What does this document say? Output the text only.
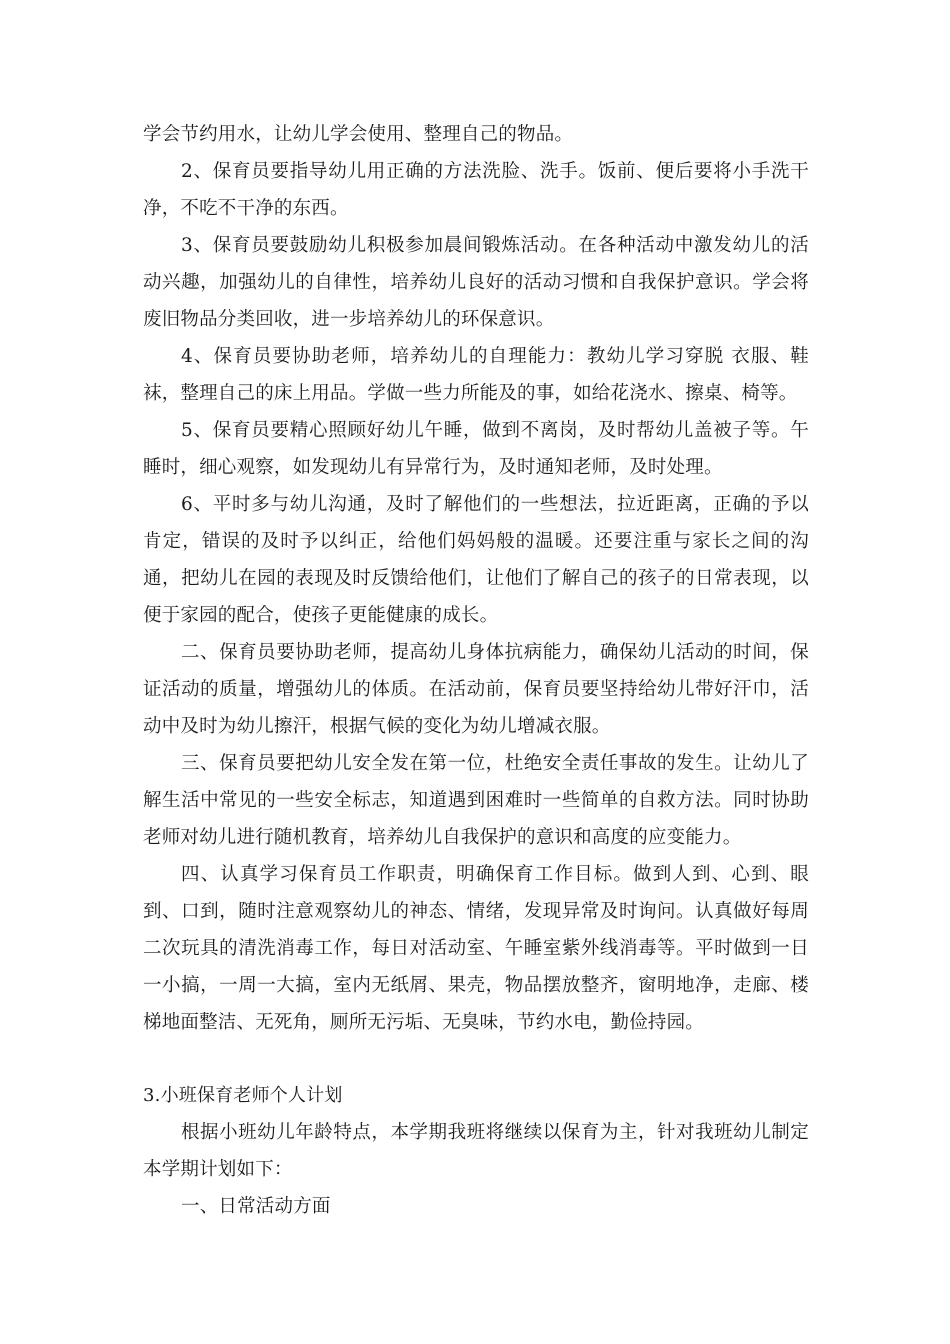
学会节约用水，让幼儿学会使用、整理自己的物品。

2、保育员要指导幼儿用正确的方法洗脸、洗手。饭前、便后要将小手洗干净，不吃不干净的东西。

3、保育员要鼓励幼儿积极参加晨间锻炼活动。在各种活动中激发幼儿的活动兴趣，加强幼儿的自律性，培养幼儿良好的活动习惯和自我保护意识。学会将废旧物品分类回收，进一步培养幼儿的环保意识。

4、保育员要协助老师，培养幼儿的自理能力：教幼儿学习穿脱 衣服、鞋袜，整理自己的床上用品。学做一些力所能及的事，如给花浇水、擦桌、椅等。

5、保育员要精心照顾好幼儿午睡，做到不离岗，及时帮幼儿盖被子等。午睡时，细心观察，如发现幼儿有异常行为，及时通知老师，及时处理。

6、平时多与幼儿沟通，及时了解他们的一些想法，拉近距离，正确的予以肯定，错误的及时予以纠正，给他们妈妈般的温暖。还要注重与家长之间的沟通，把幼儿在园的表现及时反馈给他们，让他们了解自己的孩子的日常表现，以便于家园的配合，使孩子更能健康的成长。

二、保育员要协助老师，提高幼儿身体抗病能力，确保幼儿活动的时间，保证活动的质量，增强幼儿的体质。在活动前，保育员要坚持给幼儿带好汗巾，活动中及时为幼儿擦汗，根据气候的变化为幼儿增减衣服。

三、保育员要把幼儿安全发在第一位，杜绝安全责任事故的发生。让幼儿了解生活中常见的一些安全标志，知道遇到困难时一些简单的自救方法。同时协助老师对幼儿进行随机教育，培养幼儿自我保护的意识和高度的应变能力。

四、认真学习保育员工作职责，明确保育工作目标。做到人到、心到、眼到、口到，随时注意观察幼儿的神态、情绪，发现异常及时询问。认真做好每周二次玩具的清洗消毒工作，每日对活动室、午睡室紫外线消毒等。平时做到一日一小搞，一周一大搞，室内无纸屑、果壳，物品摆放整齐，窗明地净，走廊、楼梯地面整洁、无死角，厕所无污垢、无臭味，节约水电，勤俭持园。

3.小班保育老师个人计划

根据小班幼儿年龄特点，本学期我班将继续以保育为主，针对我班幼儿制定本学期计划如下：

一、日常活动方面
